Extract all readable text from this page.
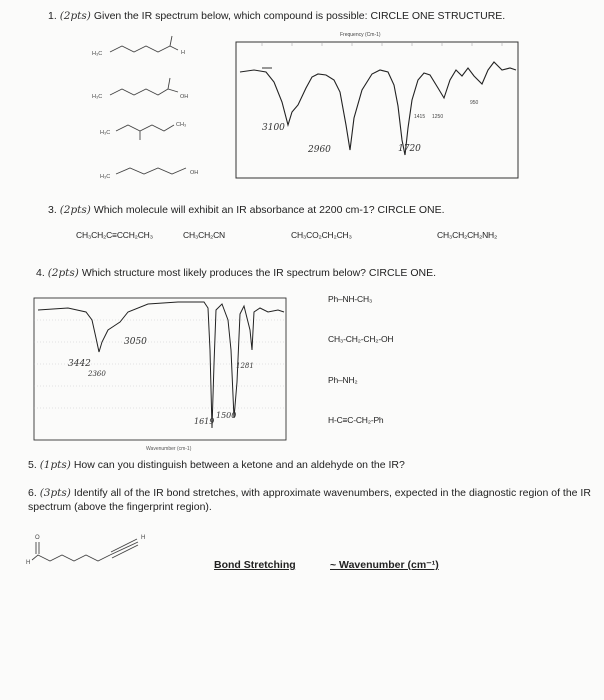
1. (2pts) Given the IR spectrum below, which compound is possible: CIRCLE ONE STRUCTURE.
H₃C	H
H₃C	OH
H₃C
CH₃
H₃C
OH
Frequency (Cm-1)
3100
2960	1720
1415 1250
950
3. (2pts) Which molecule will exhibit an IR absorbance at 2200 cm-1? CIRCLE ONE.
CH₃CH₂C≡CCH₂CH₃	CH₃CH₂CN	CH₃CO₂CH₂CH₃	CH₃CH₂CH₂NH₂
4. (2pts) Which structure most likely produces the IR spectrum below? CIRCLE ONE.
3050
3442
2360
1281
1619
1500
Wavenumber (cm-1)
Ph–NH-CH₃
CH₃-CH₂-CH₂-OH
Ph–NH₂
H-C≡C-CH₂-Ph
5. (1pts) How can you distinguish between a ketone and an aldehyde on the IR?
6. (3pts) Identify all of the IR bond stretches, with approximate wavenumbers, expected in the diagnostic region of the IR spectrum (above the fingerprint region).
O
H
H
Bond Stretching	~ Wavenumber (cm⁻¹)
